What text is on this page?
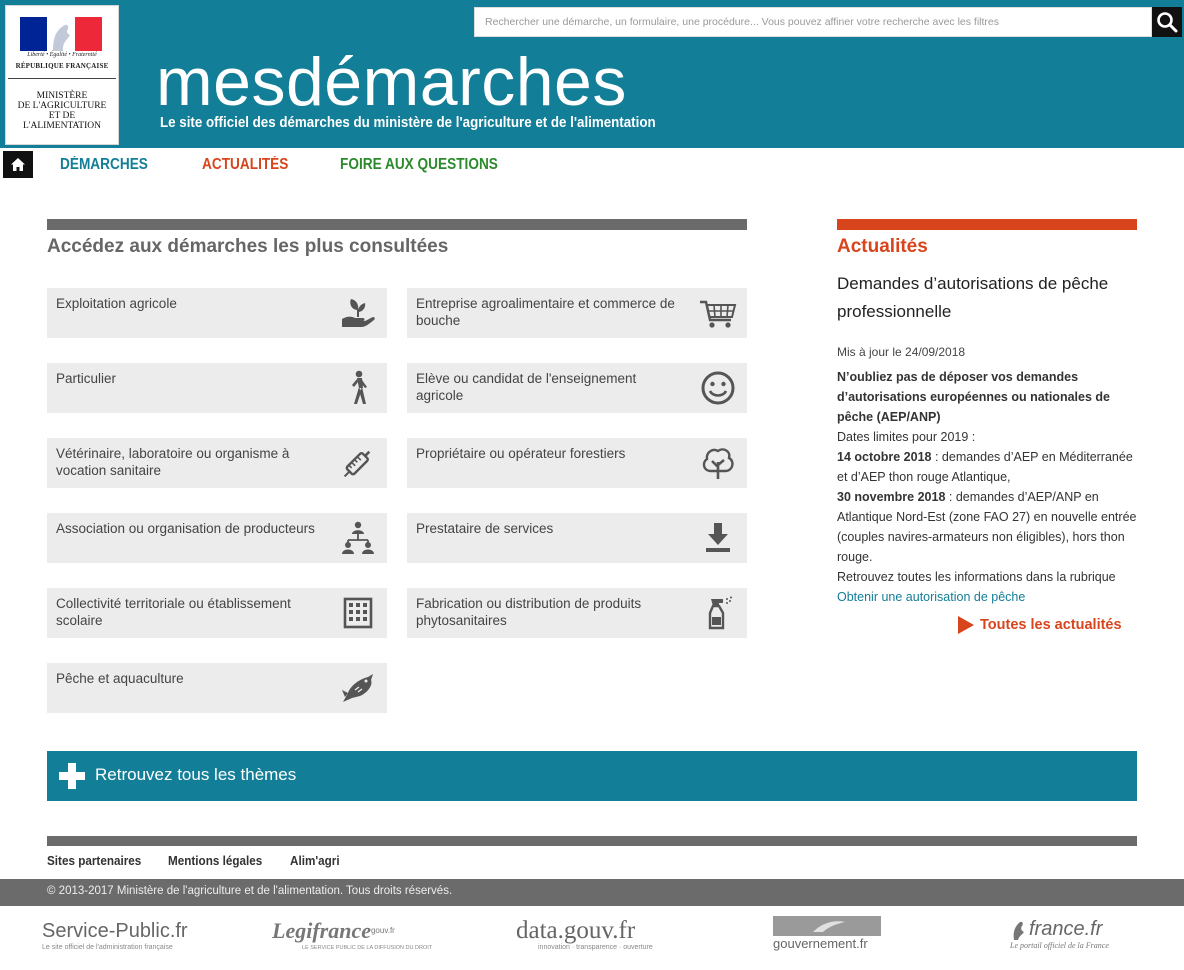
Liberté • Égalité • Fraternité
RÉPUBLIQUE FRANÇAISE
MINISTÈRE
DE L'AGRICULTURE
ET DE
L'ALIMENTATION
Rechercher une démarche, un formulaire, une procédure... Vous pouvez affiner votre recherche avec les filtres
mesdémarches
Le site officiel des démarches du ministère de l'agriculture et de l'alimentation
DÉMARCHES	ACTUALITÉS	FOIRE AUX QUESTIONS
Accédez aux démarches les plus consultées
Exploitation agricole	Entreprise agroalimentaire et commerce de bouche
Particulier	Elève ou candidat de l'enseignement agricole
Vétérinaire, laboratoire ou organisme à vocation sanitaire
Propriétaire ou opérateur forestiers
Association ou organisation de producteurs	Prestataire de services
Collectivité territoriale ou établissement scolaire
Fabrication ou distribution de produits phytosanitaires
Pêche et aquaculture
Retrouvez tous les thèmes
Actualités
Demandes d’autorisations de pêche professionnelle
Mis à jour le 24/09/2018
N’oubliez pas de déposer vos demandes d’autorisations européennes ou nationales de pêche (AEP/ANP)
Dates limites pour 2019 :
14 octobre 2018 : demandes d’AEP en Méditerranée et d’AEP thon rouge Atlantique,
30 novembre 2018 : demandes d’AEP/ANP en Atlantique Nord-Est (zone FAO 27) en nouvelle entrée (couples navires-armateurs non éligibles), hors thon rouge.
Retrouvez toutes les informations dans la rubrique
Obtenir une autorisation de pêche
Toutes les actualités
Sites partenaires Mentions légales Alim'agri
© 2013-2017 Ministère de l'agriculture et de l'alimentation. Tous droits réservés.
Service-Public.fr
Le site officiel de l'administration française
Legifrance$^{gouv.fr}$
LE SERVICE PUBLIC DE LA DIFFUSION DU DROIT
data.gouv.fr
innovation · transparence · ouverture	gouvernement.fr
france.fr
Le portail officiel de la France
